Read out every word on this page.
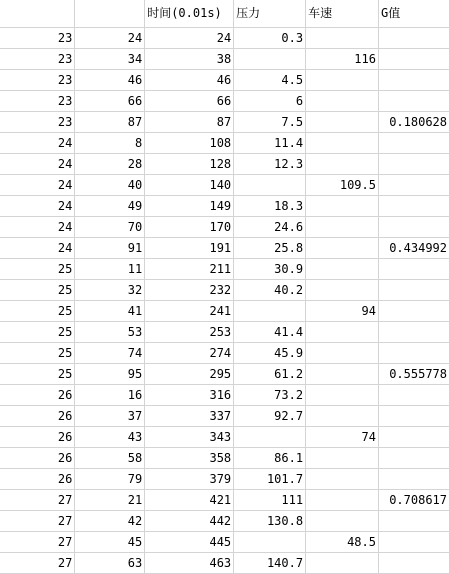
		时间(0.01s)	压力	车速	G值
23	24	24	0.3		
23	34	38		116	
23	46	46	4.5		
23	66	66	6		
23	87	87	7.5		0.180628
24	8	108	11.4		
24	28	128	12.3		
24	40	140		109.5	
24	49	149	18.3		
24	70	170	24.6		
24	91	191	25.8		0.434992
25	11	211	30.9		
25	32	232	40.2		
25	41	241		94	
25	53	253	41.4		
25	74	274	45.9		
25	95	295	61.2		0.555778
26	16	316	73.2		
26	37	337	92.7		
26	43	343		74	
26	58	358	86.1		
26	79	379	101.7		
27	21	421	111		0.708617
27	42	442	130.8		
27	45	445		48.5	
27	63	463	140.7		
